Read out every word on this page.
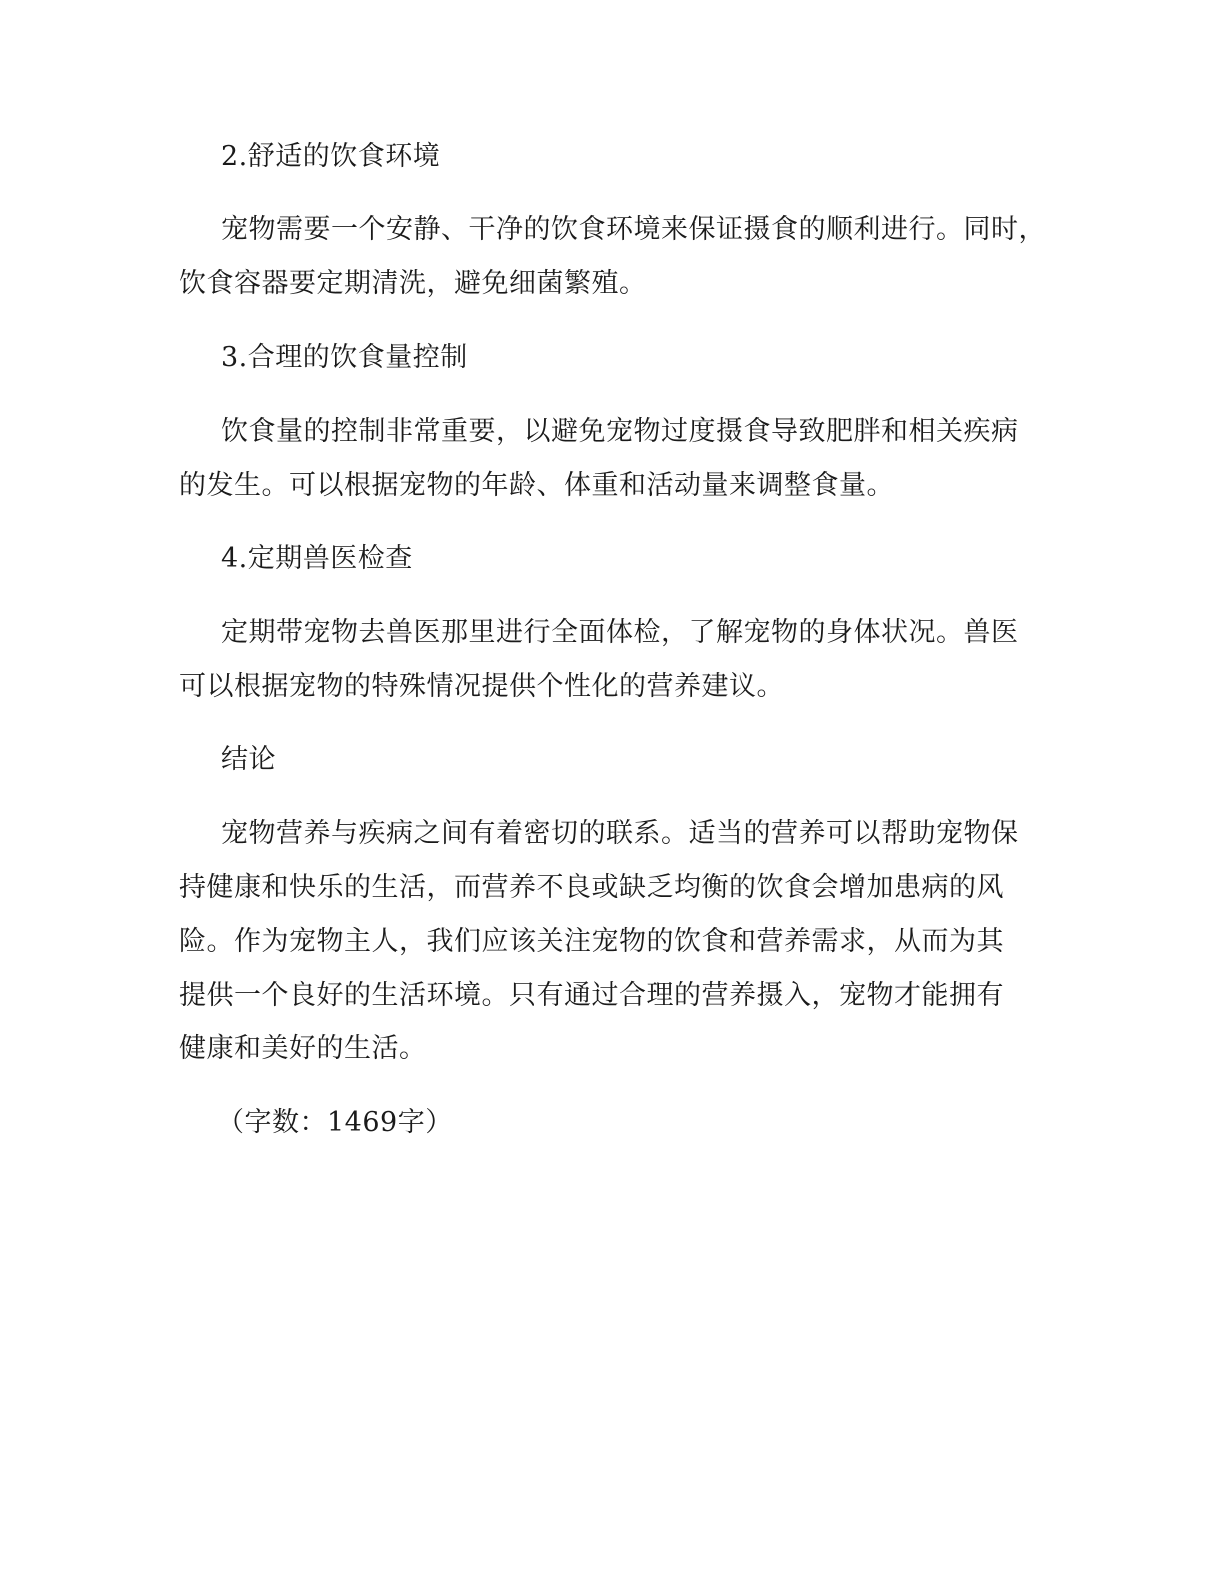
2.舒适的饮食环境
宠物需要一个安静、干净的饮食环境来保证摄食的顺利进行。同时，
饮食容器要定期清洗，避免细菌繁殖。
3.合理的饮食量控制
饮食量的控制非常重要，以避免宠物过度摄食导致肥胖和相关疾病
的发生。可以根据宠物的年龄、体重和活动量来调整食量。
4.定期兽医检查
定期带宠物去兽医那里进行全面体检，了解宠物的身体状况。兽医
可以根据宠物的特殊情况提供个性化的营养建议。
结论
宠物营养与疾病之间有着密切的联系。适当的营养可以帮助宠物保
持健康和快乐的生活，而营养不良或缺乏均衡的饮食会增加患病的风
险。作为宠物主人，我们应该关注宠物的饮食和营养需求，从而为其
提供一个良好的生活环境。只有通过合理的营养摄入，宠物才能拥有
健康和美好的生活。
（字数：1469字）
